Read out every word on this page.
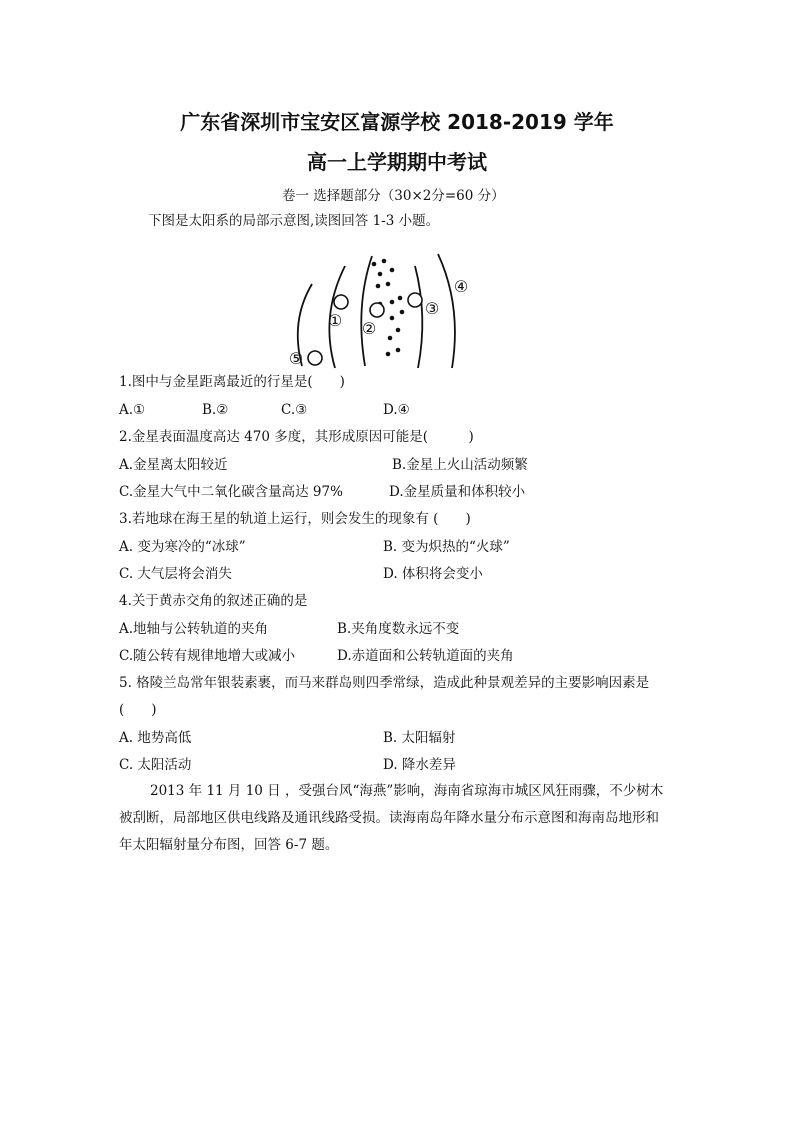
广东省深圳市宝安区富源学校 2018-2019 学年
高一上学期期中考试
卷一 选择题部分（30×2分=60 分）
下图是太阳系的局部示意图,读图回答 1-3 小题。
① ②
③
④
⑤
1.图中与金星距离最近的行星是(　　)
A.①	B.②	C.③	D.④
2.金星表面温度高达 470 多度，其形成原因可能是(　　　)
A.金星离太阳较近	B.金星上火山活动频繁
C.金星大气中二氧化碳含量高达 97%	D.金星质量和体积较小
3.若地球在海王星的轨道上运行，则会发生的现象有 (　　)
A. 变为寒冷的“冰球”	B. 变为炽热的“火球”
C. 大气层将会消失	D. 体积将会变小
4.关于黄赤交角的叙述正确的是
A.地轴与公转轨道的夹角	B.夹角度数永远不变
C.随公转有规律地增大或减小	D.赤道面和公转轨道面的夹角
5. 格陵兰岛常年银装素裹，而马来群岛则四季常绿，造成此种景观差异的主要影响因素是
(　　)
A. 地势高低	B. 太阳辐射
C. 太阳活动	D. 降水差异
2013 年 11 月 10 日 ，受强台风“海燕”影响，海南省琼海市城区风狂雨骤，不少树木
被刮断，局部地区供电线路及通讯线路受损。读海南岛年降水量分布示意图和海南岛地形和
年太阳辐射量分布图，回答 6-7 题。
